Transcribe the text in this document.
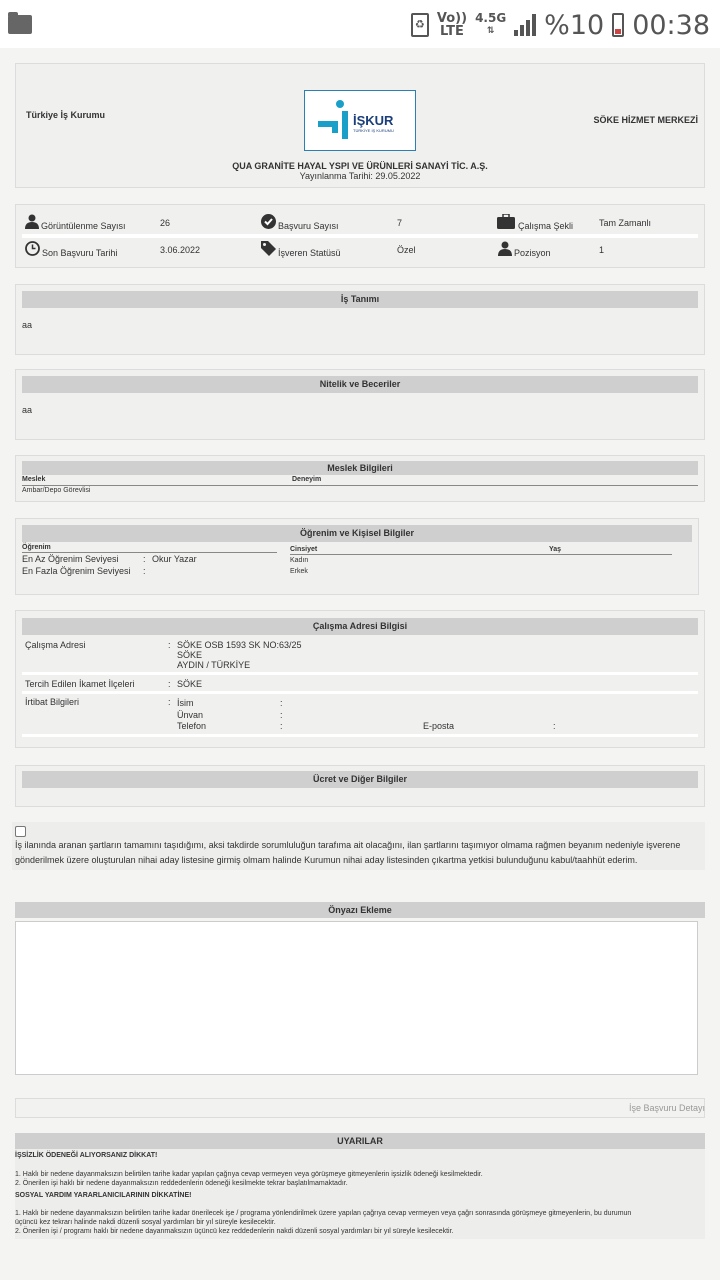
♻ Vo))
LTE
4.5G
⇅	%10 00:38
Türkiye İş Kurumu	SÖKE HİZMET MERKEZİ
İŞKUR
TÜRKİYE İŞ KURUMU
QUA GRANİTE HAYAL YSPI VE ÜRÜNLERİ SANAYİ TİC. A.Ş.
Yayınlanma Tarihi: 29.05.2022
Görüntülenme Sayısı	26	Başvuru Sayısı	7	Çalışma Şekli	Tam Zamanlı
Son Başvuru Tarihi	3.06.2022	İşveren Statüsü	Özel	Pozisyon	1
İş Tanımı
aa
Nitelik ve Beceriler
aa
Meslek Bilgileri
Meslek	Deneyim
Ambar/Depo Görevlisi
Öğrenim ve Kişisel Bilgiler
Öğrenim	Cinsiyet	Yaş
En Az Öğrenim Seviyesi	: Okur Yazar
En Fazla Öğrenim Seviyesi :
Kadın
Erkek
Çalışma Adresi Bilgisi
Çalışma Adresi	: SÖKE OSB 1593 SK NO:63/25
SÖKE
AYDIN / TÜRKİYE
Tercih Edilen İkamet İlçeleri	: SÖKE
İrtibat Bilgileri	: İsim	:
Ünvan	:
Telefon	:	E-posta	:
Ücret ve Diğer Bilgiler
İş ilanında aranan şartların tamamını taşıdığımı, aksi takdirde sorumluluğun tarafıma ait olacağını, ilan şartlarını taşımıyor olmama rağmen beyanım nedeniyle işverene
gönderilmek üzere oluşturulan nihai aday listesine girmiş olmam halinde Kurumun nihai aday listesinden çıkartma yetkisi bulunduğunu kabul/taahhüt ederim.
Önyazı Ekleme
İşe Başvuru Detayı
UYARILAR
İŞSİZLİK ÖDENEĞİ ALIYORSANIZ DİKKAT!
1. Haklı bir nedene dayanmaksızın belirtilen tarihe kadar yapılan çağrıya cevap vermeyen veya görüşmeye gitmeyenlerin işsizlik ödeneği kesilmektedir.
2. Önerilen işi haklı bir nedene dayanmaksızın reddedenlerin ödeneği kesilmekte tekrar başlatılmamaktadır.
SOSYAL YARDIM YARARLANICILARININ DİKKATİNE!
1. Haklı bir nedene dayanmaksızın belirtilen tarihe kadar önerilecek işe / programa yönlendirilmek üzere yapılan çağrıya cevap vermeyen veya çağrı sonrasında görüşmeye gitmeyenlerin, bu durumun
üçüncü kez tekrarı halinde nakdi düzenli sosyal yardımları bir yıl süreyle kesilecektir.
2. Önerilen işi / programı haklı bir nedene dayanmaksızın üçüncü kez reddedenlerin nakdi düzenli sosyal yardımları bir yıl süreyle kesilecektir.
